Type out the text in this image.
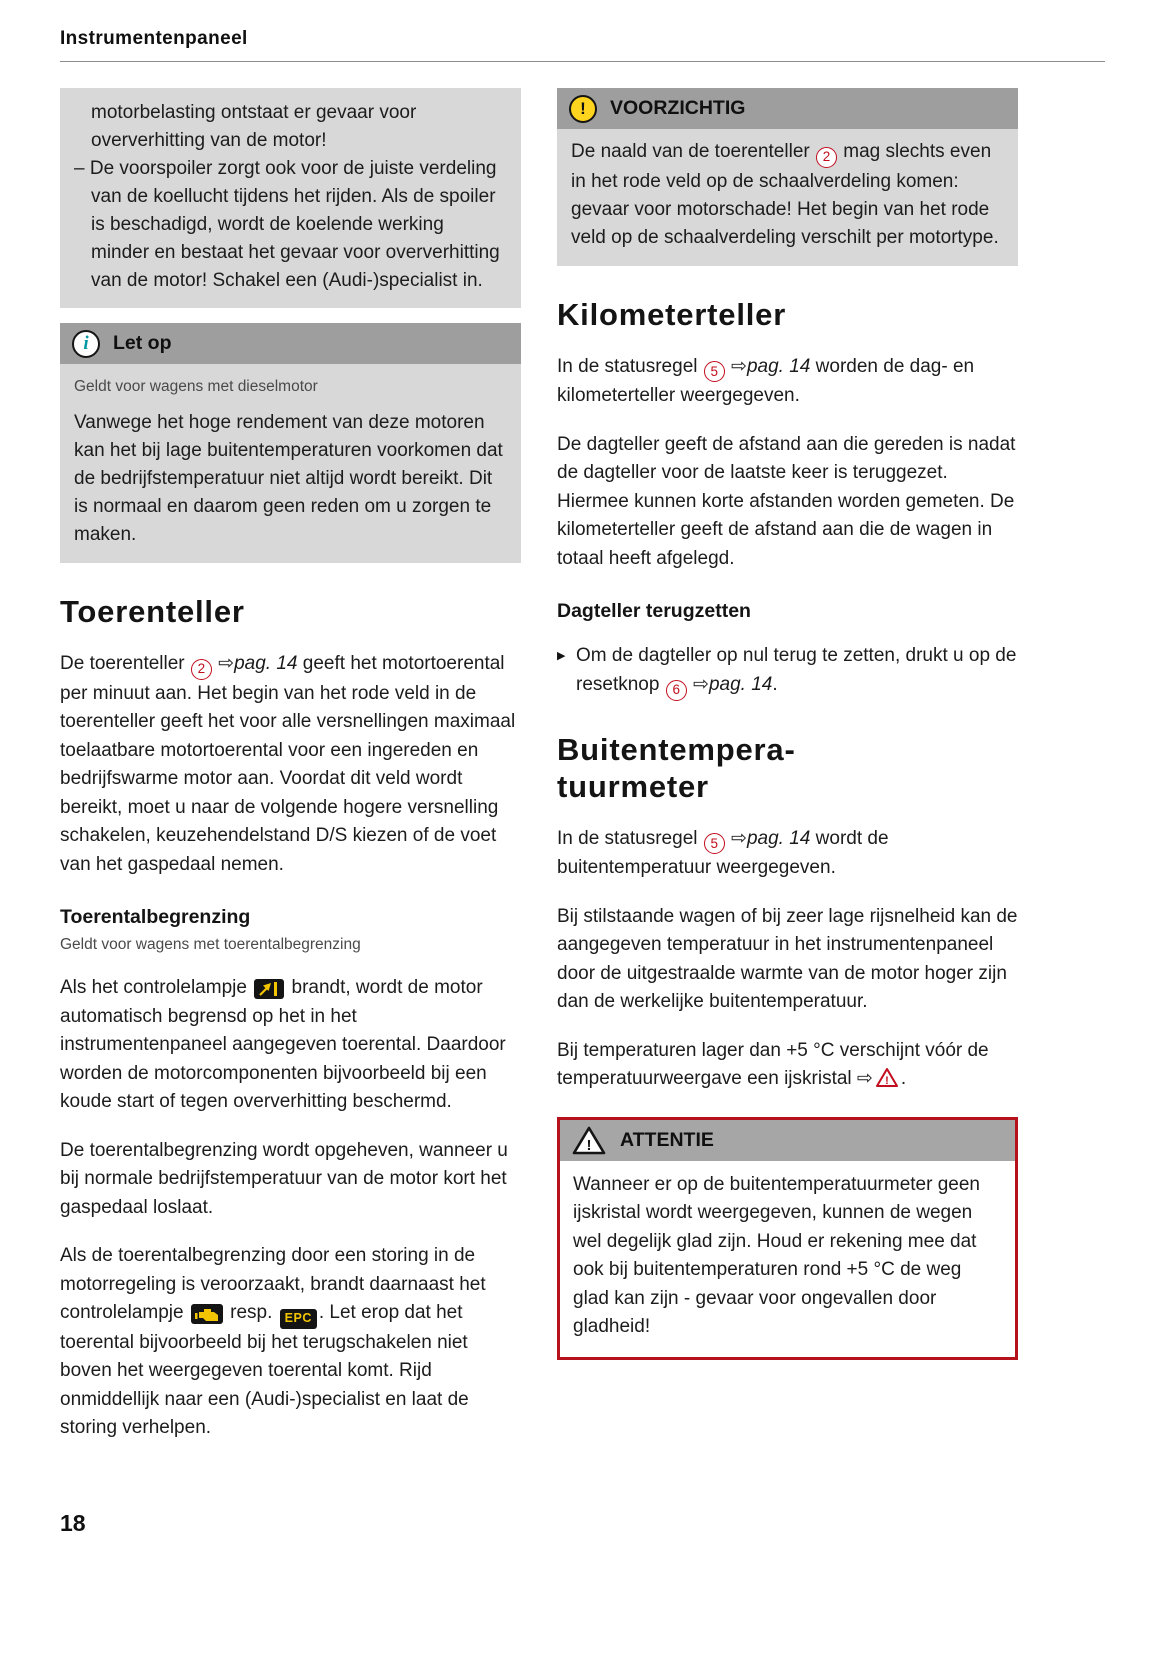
Instrumentenpaneel

motorbelasting ontstaat er gevaar voor oververhitting van de motor!

– De voorspoiler zorgt ook voor de juiste verdeling van de koellucht tijdens het rijden. Als de spoiler is beschadigd, wordt de koelende werking minder en bestaat het gevaar voor oververhitting van de motor! Schakel een (Audi-)specialist in.

i Let op

Geldt voor wagens met dieselmotor

Vanwege het hoge rendement van deze motoren kan het bij lage buitentemperaturen voorkomen dat de bedrijfstemperatuur niet altijd wordt bereikt. Dit is normaal en daarom geen reden om u zorgen te maken.

Toerenteller

De toerenteller 2 ⇨pag. 14 geeft het motortoerental per minuut aan. Het begin van het rode veld in de toerenteller geeft het voor alle versnellingen maximaal toelaatbare motortoerental voor een ingereden en bedrijfswarme motor aan. Voordat dit veld wordt bereikt, moet u naar de volgende hogere versnelling schakelen, keuzehendelstand D/S kiezen of de voet van het gaspedaal nemen.

Toerentalbegrenzing

Geldt voor wagens met toerentalbegrenzing

Als het controlelampje
brandt, wordt de motor automatisch begrensd op het in het instrumentenpaneel aangegeven toerental. Daardoor worden de motorcomponenten bijvoorbeeld bij een koude start of tegen oververhitting beschermd.

De toerentalbegrenzing wordt opgeheven, wanneer u bij normale bedrijfstemperatuur van de motor kort het gaspedaal loslaat.

Als de toerentalbegrenzing door een storing in de motorregeling is veroorzaakt, brandt daarnaast het controlelampje
resp. EPC . Let erop dat het toerental bijvoorbeeld bij het terugschakelen niet boven het weergegeven toerental komt. Rijd onmiddellijk naar een (Audi-)specialist en laat de storing verhelpen.

! VOORZICHTIG

De naald van de toerenteller 2 mag slechts even in het rode veld op de schaalverdeling komen: gevaar voor motorschade! Het begin van het rode veld op de schaalverdeling verschilt per motortype.

Kilometerteller

In de statusregel 5 ⇨pag. 14 worden de dag- en kilometerteller weergegeven.

De dagteller geeft de afstand aan die gereden is nadat de dagteller voor de laatste keer is teruggezet. Hiermee kunnen korte afstanden worden gemeten. De kilometerteller geeft de afstand aan die de wagen in totaal heeft afgelegd.

Dagteller terugzetten
▶ Om de dagteller op nul terug te zetten, drukt u op de resetknop 6 ⇨pag. 14.
Buitentempera-
tuurmeter

In de statusregel 5 ⇨pag. 14 wordt de buitentemperatuur weergegeven.

Bij stilstaande wagen of bij zeer lage rijsnelheid kan de aangegeven temperatuur in het instrumentenpaneel door de uitgestraalde warmte van de motor hoger zijn dan de werkelijke buitentemperatuur.

Bij temperaturen lager dan +5 °C verschijnt vóór de temperatuurweergave een ijskristal ⇨ ! .

! ATTENTIE

Wanneer er op de buitentemperatuurmeter geen ijskristal wordt weergegeven, kunnen de wegen wel degelijk glad zijn. Houd er rekening mee dat ook bij buitentemperaturen rond +5 °C de weg glad kan zijn - gevaar voor ongevallen door gladheid!

18
